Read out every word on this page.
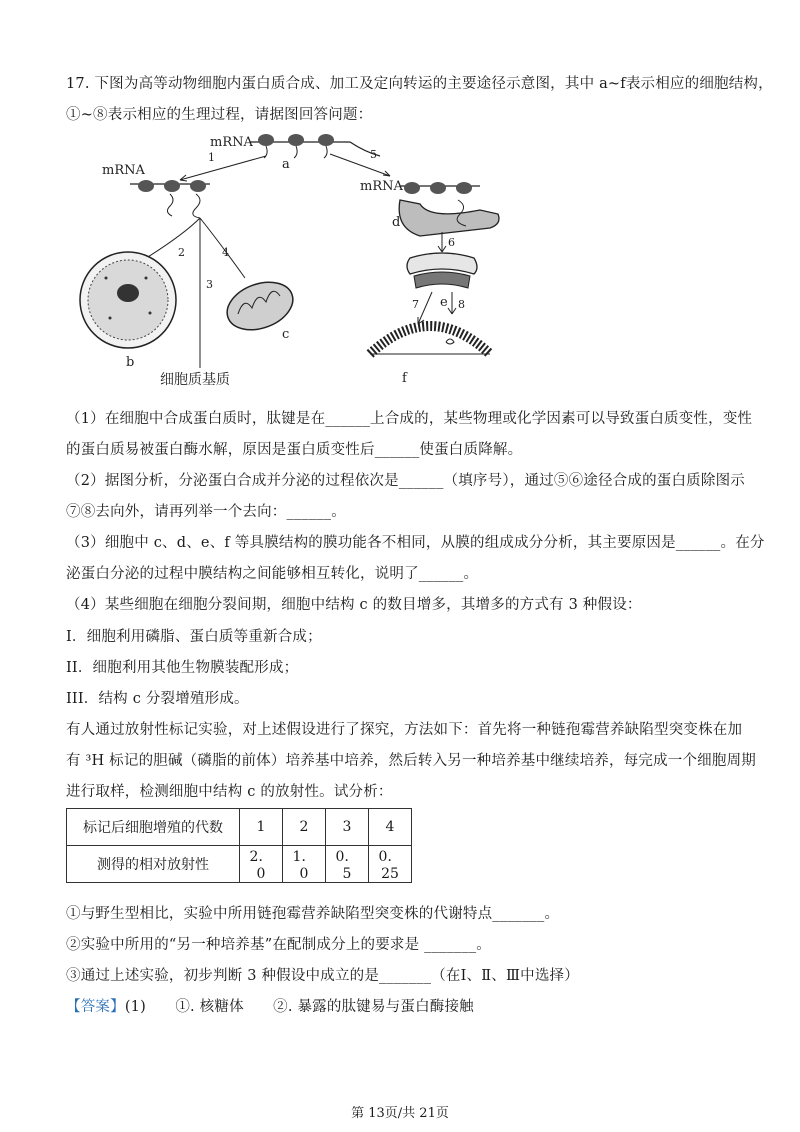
17. 下图为高等动物细胞内蛋白质合成、加工及定向转运的主要途径示意图，其中 a~f表示相应的细胞结构，
①~⑧表示相应的生理过程，请据图回答问题：
mRNA
a
1	5
mRNA
2
3
4
b
c
细胞质基质
mRNA
d
6
e
7	8
f
（1）在细胞中合成蛋白质时，肽键是在______上合成的，某些物理或化学因素可以导致蛋白质变性，变性
的蛋白质易被蛋白酶水解，原因是蛋白质变性后______使蛋白质降解。
（2）据图分析，分泌蛋白合成并分泌的过程依次是______（填序号），通过⑤⑥途径合成的蛋白质除图示
⑦⑧去向外，请再列举一个去向：______。
（3）细胞中 c、d、e、f 等具膜结构的膜功能各不相同，从膜的组成成分分析，其主要原因是______。在分
泌蛋白分泌的过程中膜结构之间能够相互转化，说明了______。
（4）某些细胞在细胞分裂间期，细胞中结构 c 的数目增多，其增多的方式有 3 种假设：
I．细胞利用磷脂、蛋白质等重新合成；
II．细胞利用其他生物膜装配形成；
III．结构 c 分裂增殖形成。
有人通过放射性标记实验，对上述假设进行了探究，方法如下：首先将一种链孢霉营养缺陷型突变株在加
有 ³H 标记的胆碱（磷脂的前体）培养基中培养，然后转入另一种培养基中继续培养，每完成一个细胞周期
进行取样，检测细胞中结构 c 的放射性。试分析：
标记后细胞增殖的代数	1	2	3	4
测得的相对放射性	2．0	1．0	0．5	0．25
①与野生型相比，实验中所用链孢霉营养缺陷型突变株的代谢特点_______。
②实验中所用的“另一种培养基”在配制成分上的要求是 _______。
③通过上述实验，初步判断 3 种假设中成立的是_______（在Ⅰ、Ⅱ、Ⅲ中选择）
【答案】(1)　　①. 核糖体　　②. 暴露的肽键易与蛋白酶接触
第 13页/共 21页
